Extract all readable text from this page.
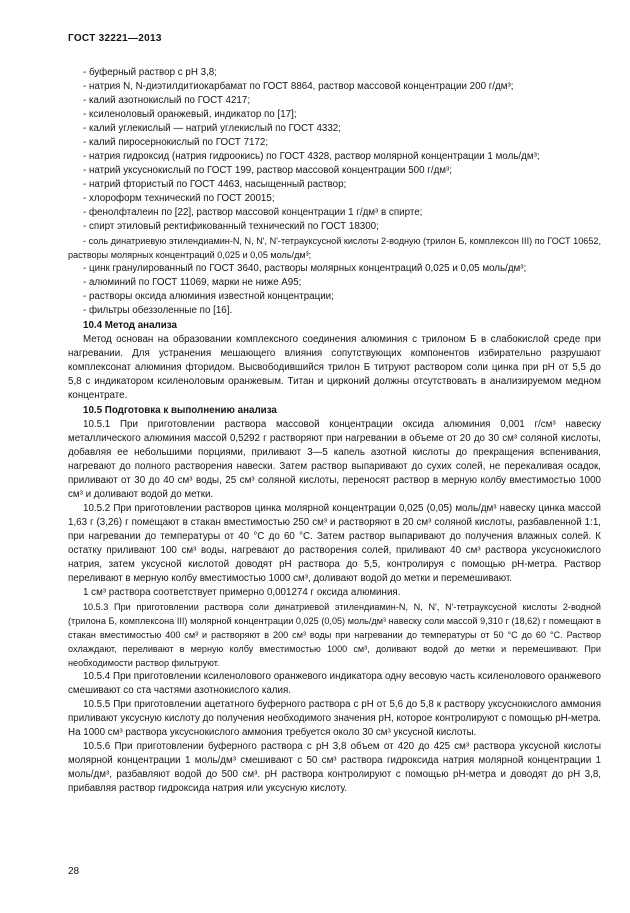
ГОСТ 32221—2013

- буферный раствор с pH 3,8;

- натрия N, N-диэтилдитиокарбамат по ГОСТ 8864, раствор массовой концентрации 200 г/дм³;

- калий азотнокислый по ГОСТ 4217;

- ксиленоловый оранжевый, индикатор по [17];

- калий углекислый — натрий углекислый по ГОСТ 4332;

- калий пиросернокислый по ГОСТ 7172;

- натрия гидроксид (натрия гидроокись) по ГОСТ 4328, раствор молярной концентрации 1 моль/дм³;

- натрий уксуснокислый по ГОСТ 199, раствор массовой концентрации 500 г/дм³;

- натрий фтористый по ГОСТ 4463, насыщенный раствор;

- хлороформ технический по ГОСТ 20015;

- фенолфталеин по [22], раствор массовой концентрации 1 г/дм³ в спирте;

- спирт этиловый ректификованный технический по ГОСТ 18300;

- соль динатриевую этилендиамин-N, N, N', N'-тетрауксусной кислоты 2-водную (трилон Б, комплексон III) по ГОСТ 10652, растворы молярных концентраций 0,025 и 0,05 моль/дм³;

- цинк гранулированный по ГОСТ 3640, растворы молярных концентраций 0,025 и 0,05 моль/дм³;

- алюминий по ГОСТ 11069, марки не ниже А95;

- растворы оксида алюминия известной концентрации;

- фильтры обеззоленные по [16].

10.4 Метод анализа

Метод основан на образовании комплексного соединения алюминия с трилоном Б в слабокислой среде при нагревании. Для устранения мешающего влияния сопутствующих компонентов избирательно разрушают комплексонат алюминия фторидом. Высвободившийся трилон Б титруют раствором соли цинка при pH от 5,5 до 5,8 с индикатором ксиленоловым оранжевым. Титан и цирконий должны отсутствовать в анализируемом медном концентрате.

10.5 Подготовка к выполнению анализа

10.5.1 При приготовлении раствора массовой концентрации оксида алюминия 0,001 г/см³ навеску металлического алюминия массой 0,5292 г растворяют при нагревании в объеме от 20 до 30 см³ соляной кислоты, добавляя ее небольшими порциями, приливают 3—5 капель азотной кислоты до прекращения вспенивания, нагревают до полного растворения навески. Затем раствор выпаривают до сухих солей, не перекаливая осадок, приливают от 30 до 40 см³ воды, 25 см³ соляной кислоты, переносят раствор в мерную колбу вместимостью 1000 см³ и доливают водой до метки.

10.5.2 При приготовлении растворов цинка молярной концентрации 0,025 (0,05) моль/дм³ навеску цинка массой 1,63 г (3,26) г помещают в стакан вместимостью 250 см³ и растворяют в 20 см³ соляной кислоты, разбавленной 1:1, при нагревании до температуры от 40 °С до 60 °С. Затем раствор выпаривают до получения влажных солей. К остатку приливают 100 см³ воды, нагревают до растворения солей, приливают 40 см³ раствора уксуснокислого натрия, затем уксусной кислотой доводят pH раствора до 5,5, контролируя с помощью pH-метра. Раствор переливают в мерную колбу вместимостью 1000 см³, доливают водой до метки и перемешивают.

1 см³ раствора соответствует примерно 0,001274 г оксида алюминия.

10.5.3 При приготовлении раствора соли динатриевой этилендиамин-N, N, N', N'-тетрауксусной кислоты 2-водной (трилона Б, комплексона III) молярной концентрации 0,025 (0,05) моль/дм³ навеску соли массой 9,310 г (18,62) г помещают в стакан вместимостью 400 см³ и растворяют в 200 см³ воды при нагревании до температуры от 50 °С до 60 °С. Раствор охлаждают, переливают в мерную колбу вместимостью 1000 см³, доливают водой до метки и перемешивают. При необходимости раствор фильтруют.

10.5.4 При приготовлении ксиленолового оранжевого индикатора одну весовую часть ксиленолового оранжевого смешивают со ста частями азотнокислого калия.

10.5.5 При приготовлении ацетатного буферного раствора с pH от 5,6 до 5,8 к раствору уксуснокислого аммония приливают уксусную кислоту до получения необходимого значения pH, которое контролируют с помощью pH-метра. На 1000 см³ раствора уксуснокислого аммония требуется около 30 см³ уксусной кислоты.

10.5.6 При приготовлении буферного раствора с pH 3,8 объем от 420 до 425 см³ раствора уксусной кислоты молярной концентрации 1 моль/дм³ смешивают с 50 см³ раствора гидроксида натрия молярной концентрации 1 моль/дм³, разбавляют водой до 500 см³. pH раствора контролируют с помощью pH-метра и доводят до pH 3,8, прибавляя раствор гидроксида натрия или уксусную кислоту.

28
